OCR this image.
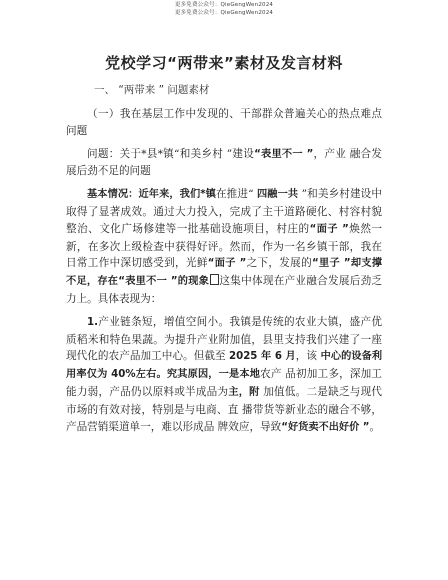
更多免费公众号：QieGengWen2024
更多免费公众号：QieGengWen2024
党校学习“两带来”素材及发言材料
一、 “两带来 ” 问题素材

（一）我在基层工作中发现的、干部群众普遍关心的热点难点问题

问题：关于*县*镇“和美乡村 ”建设“表里不一 ”，产业 融合发展后劲不足的问题

基本情况：近年来，我们*镇在推进“ 四融一共 ”和美乡村建设中取得了显著成效。通过大力投入，完成了主干道路硬化、村容村貌整治、文化广场修建等一批基础设施项目，村庄的“面子 ”焕然一新，在多次上级检查中获得好评。然而，作为一名乡镇干部，我在日常工作中深切感受到，光鲜“面子 ”之下，发展的“里子 ”却支撑不足，存在“表里不一 ”的现象 这集中体现在产业融合发展后劲乏力上。具体表现为：

1.产业链条短，增值空间小。我镇是传统的农业大镇，盛产优质稻米和特色果蔬。为提升产业附加值，县里支持我们兴建了一座现代化的农产品加工中心。但截至 2025 年 6 月，该 中心的设备利用率仅为 40%左右。究其原因，一是本地农产 品初加工多，深加工能力弱，产品仍以原料或半成品为主，附 加值低。二是缺乏与现代市场的有效对接，特别是与电商、直 播带货等新业态的融合不够，产品营销渠道单一，难以形成品 牌效应，导致“好货卖不出好价 ”。
